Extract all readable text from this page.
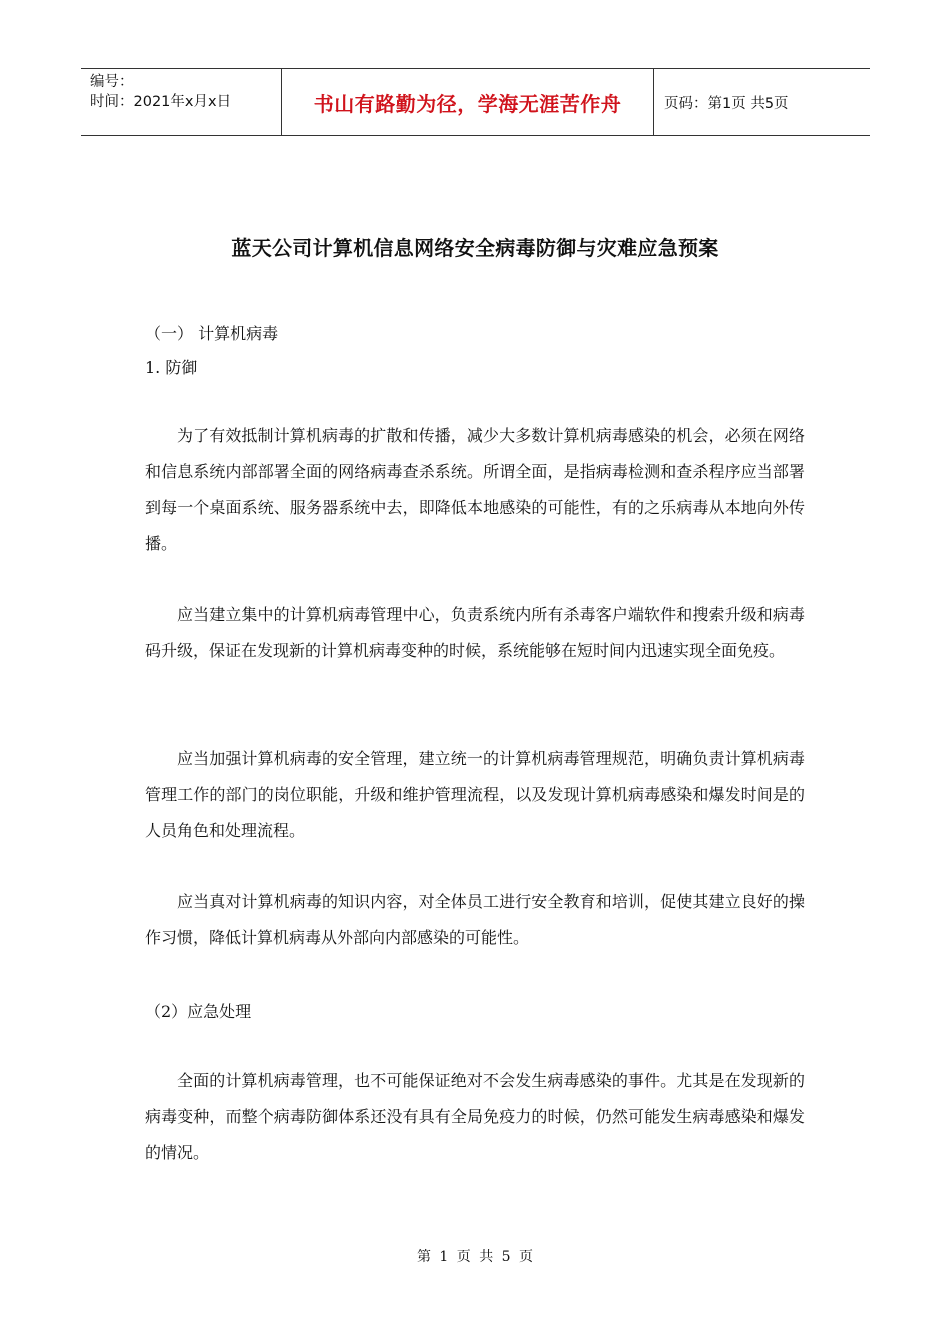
编号：
时间：2021年x月x日	书山有路勤为径，学海无涯苦作舟	页码：第1页 共5页
蓝天公司计算机信息网络安全病毒防御与灾难应急预案
（一） 计算机病毒
1. 防御
为了有效抵制计算机病毒的扩散和传播，减少大多数计算机病毒感染的机会，必须在网络和信息系统内部部署全面的网络病毒查杀系统。所谓全面，是指病毒检测和查杀程序应当部署到每一个桌面系统、服务器系统中去，即降低本地感染的可能性，有的之乐病毒从本地向外传播。
应当建立集中的计算机病毒管理中心，负责系统内所有杀毒客户端软件和搜索升级和病毒码升级，保证在发现新的计算机病毒变种的时候，系统能够在短时间内迅速实现全面免疫。
应当加强计算机病毒的安全管理，建立统一的计算机病毒管理规范，明确负责计算机病毒管理工作的部门的岗位职能，升级和维护管理流程，以及发现计算机病毒感染和爆发时间是的人员角色和处理流程。
应当真对计算机病毒的知识内容，对全体员工进行安全教育和培训，促使其建立良好的操作习惯，降低计算机病毒从外部向内部感染的可能性。
（2）应急处理
全面的计算机病毒管理，也不可能保证绝对不会发生病毒感染的事件。尤其是在发现新的病毒变种，而整个病毒防御体系还没有具有全局免疫力的时候，仍然可能发生病毒感染和爆发的情况。
第 1 页 共 5 页
